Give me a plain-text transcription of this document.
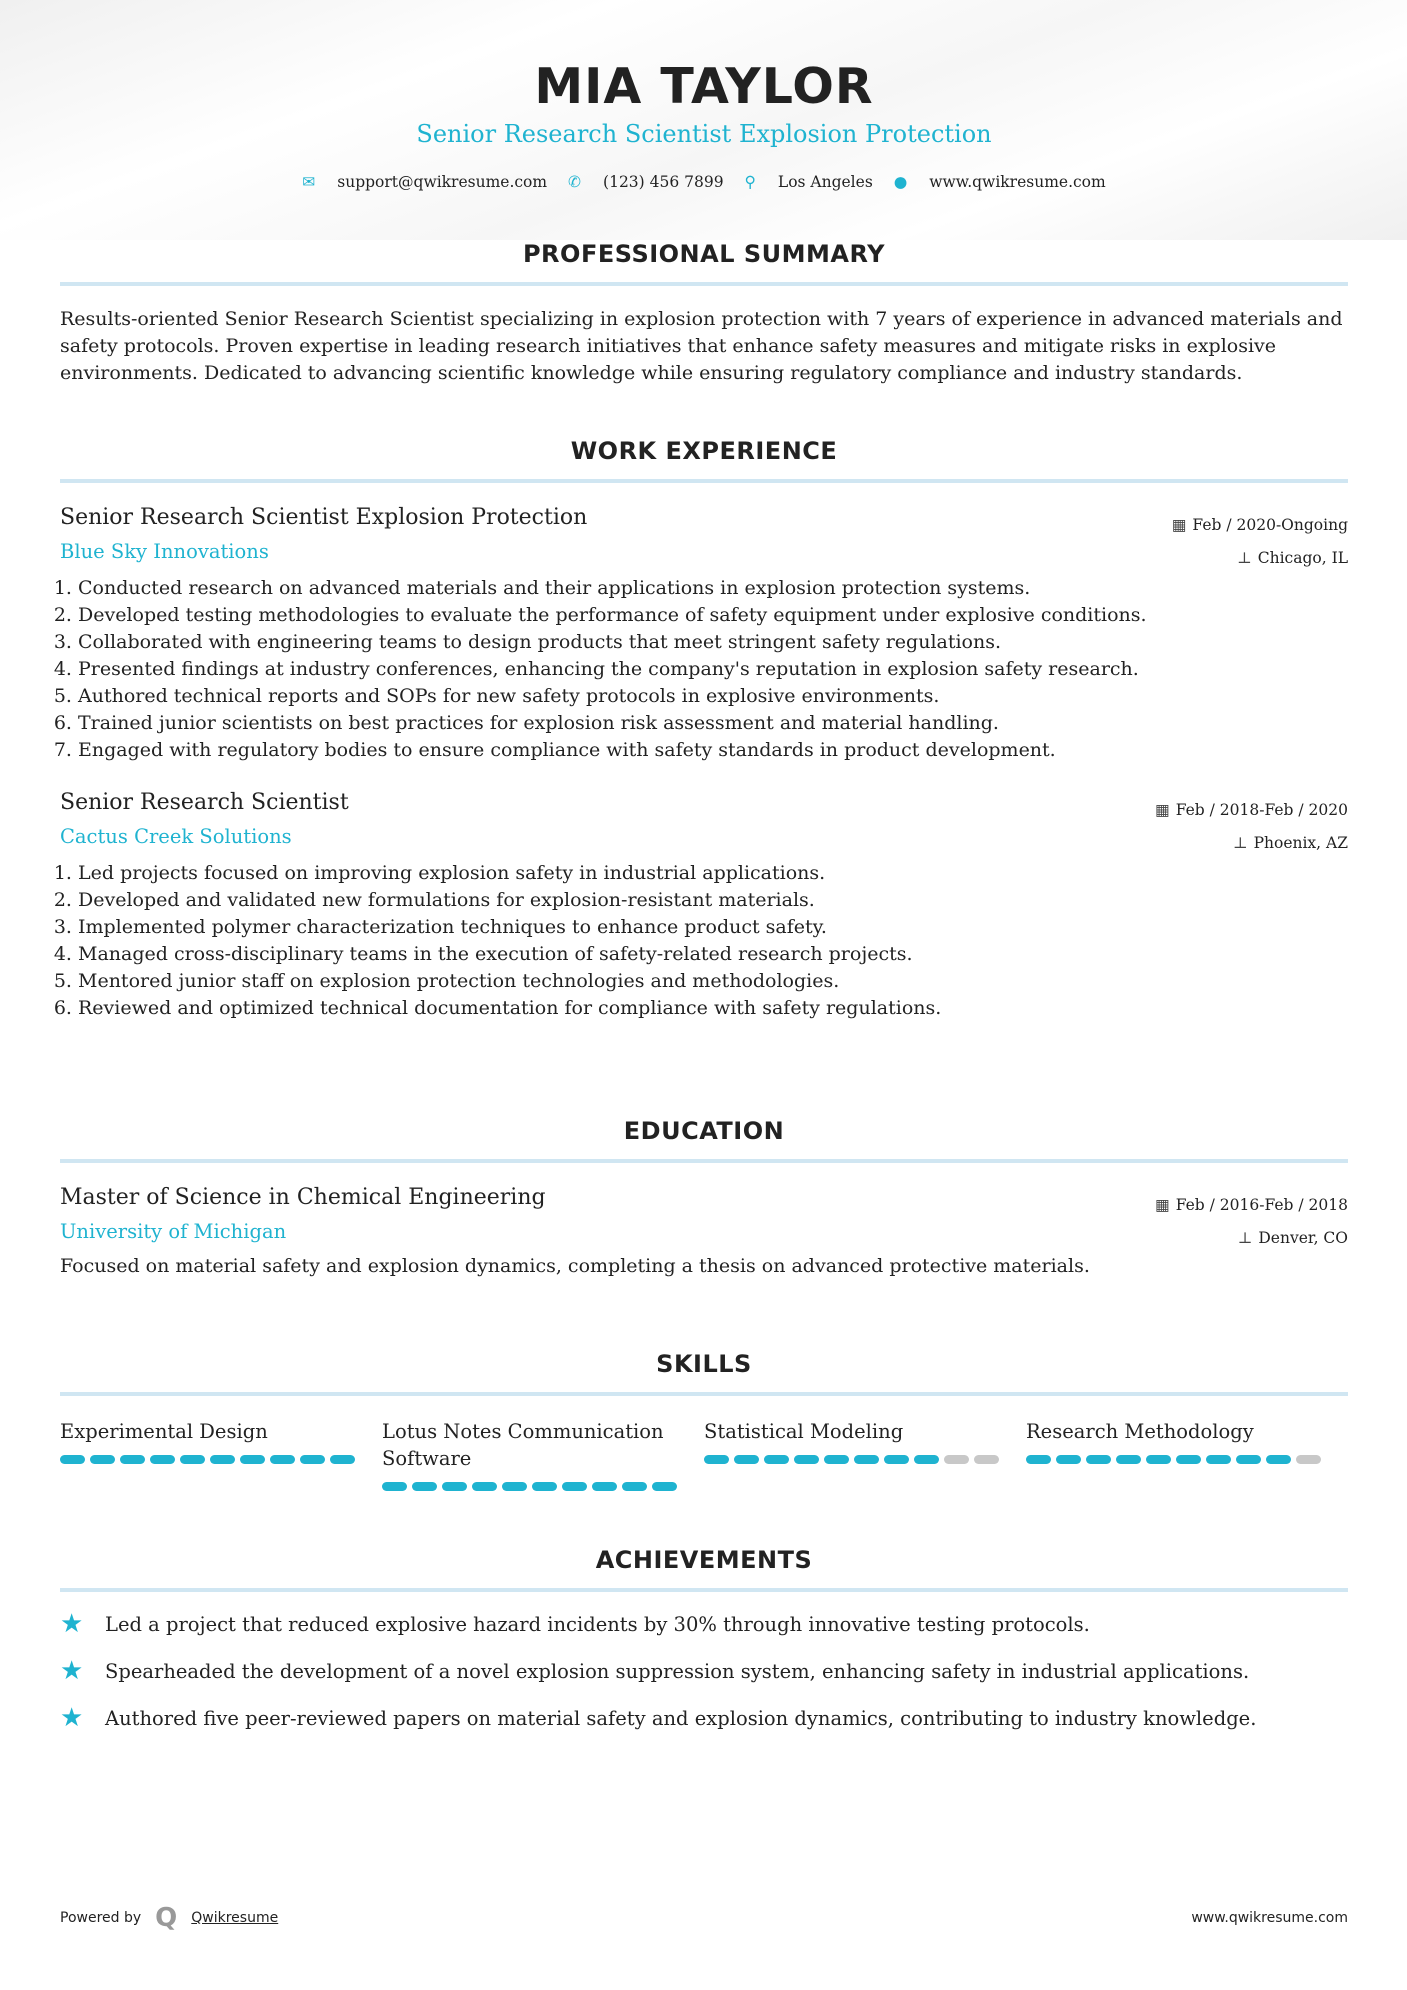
MIA TAYLOR
Senior Research Scientist Explosion Protection
✉ support@qwikresume.com ✆ (123) 456 7899 ⚲ Los Angeles ● www.qwikresume.com
PROFESSIONAL SUMMARY

Results-oriented Senior Research Scientist specializing in explosion protection with 7 years of experience in advanced materials and safety protocols. Proven expertise in leading research initiatives that enhance safety measures and mitigate risks in explosive environments. Dedicated to advancing scientific knowledge while ensuring regulatory compliance and industry standards.

WORK EXPERIENCE
Senior Research Scientist Explosion Protection
Blue Sky Innovations
▦ Feb / 2020-Ongoing
⊥ Chicago, IL
1. Conducted research on advanced materials and their applications in explosion protection systems.
2. Developed testing methodologies to evaluate the performance of safety equipment under explosive conditions.
3. Collaborated with engineering teams to design products that meet stringent safety regulations.
4. Presented findings at industry conferences, enhancing the company's reputation in explosion safety research.
5. Authored technical reports and SOPs for new safety protocols in explosive environments.
6. Trained junior scientists on best practices for explosion risk assessment and material handling.
7. Engaged with regulatory bodies to ensure compliance with safety standards in product development.
Senior Research Scientist
Cactus Creek Solutions
▦ Feb / 2018-Feb / 2020
⊥ Phoenix, AZ
1. Led projects focused on improving explosion safety in industrial applications.
2. Developed and validated new formulations for explosion-resistant materials.
3. Implemented polymer characterization techniques to enhance product safety.
4. Managed cross-disciplinary teams in the execution of safety-related research projects.
5. Mentored junior staff on explosion protection technologies and methodologies.
6. Reviewed and optimized technical documentation for compliance with safety regulations.
EDUCATION
Master of Science in Chemical Engineering
University of Michigan
▦ Feb / 2016-Feb / 2018
⊥ Denver, CO

Focused on material safety and explosion dynamics, completing a thesis on advanced protective materials.

SKILLS
Experimental Design	Lotus Notes Communication Software
Statistical Modeling	Research Methodology
ACHIEVEMENTS
★	Led a project that reduced explosive hazard incidents by 30% through innovative testing protocols.
★	Spearheaded the development of a novel explosion suppression system, enhancing safety in industrial applications.
★	Authored five peer-reviewed papers on material safety and explosion dynamics, contributing to industry knowledge.
Powered by Q Qwikresume	www.qwikresume.com
